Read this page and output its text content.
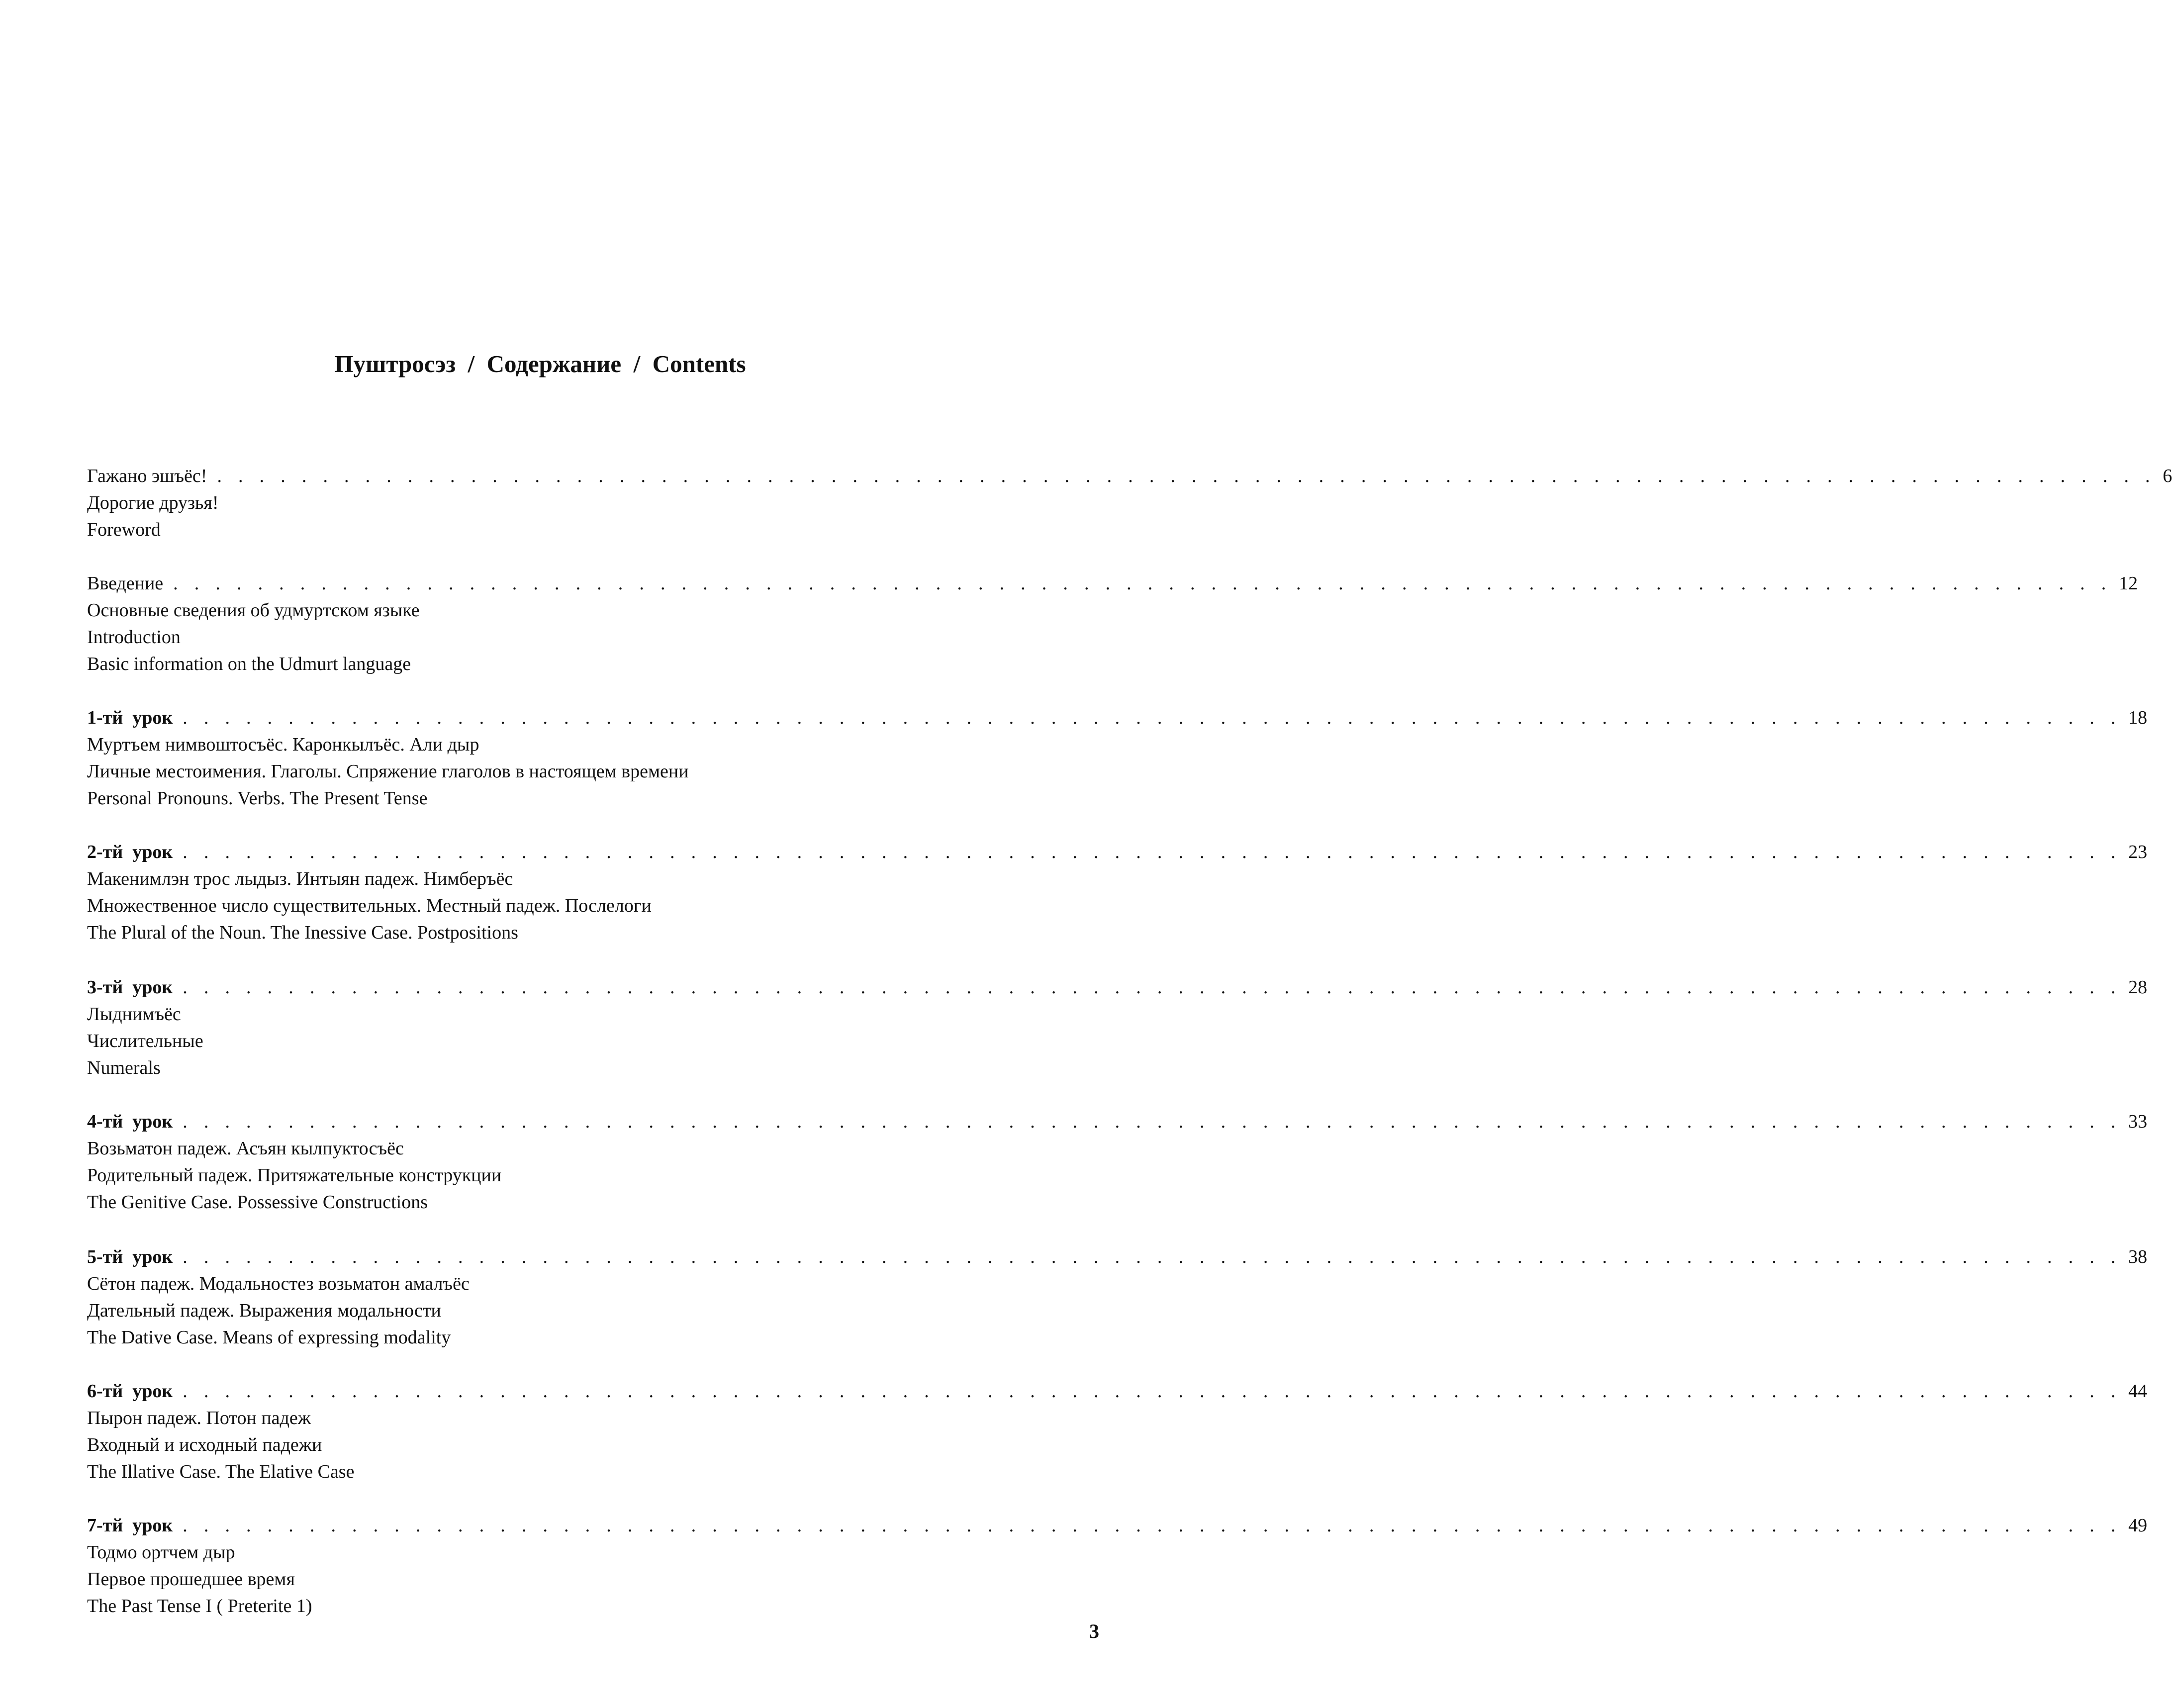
Пуштросэз  /  Содержание  /  Contents
Гажано эшъёс! . . . . . . . . . . . . . . . . . . . . . . . . . . . . . . . . . . . . . . . . . . . . . . . . . . . . . . . . . . . . . . . . . . . . . . . . . . . . . . . . . . . . . . . . . . . . 6
Дорогие друзья!
Foreword
Введение . . . . . . . . . . . . . . . . . . . . . . . . . . . . . . . . . . . . . . . . . . . . . . . . . . . . . . . . . . . . . . . . . . . . . . . . . . . . . . . . . . . . . . . . . . . . 12
Основные сведения об удмуртском языке
Introduction
Basic information on the Udmurt language
1-тй  урок . . . . . . . . . . . . . . . . . . . . . . . . . . . . . . . . . . . . . . . . . . . . . . . . . . . . . . . . . . . . . . . . . . . . . . . . . . . . . . . . . . . . . . . . . . . . 18
Муртъем нимвоштосъёс. Каронкылъёс. Али дыр
Личные местоимения. Глаголы. Спряжение глаголов в настоящем времени
Personal Pronouns. Verbs. The Present Tense
2-тй  урок . . . . . . . . . . . . . . . . . . . . . . . . . . . . . . . . . . . . . . . . . . . . . . . . . . . . . . . . . . . . . . . . . . . . . . . . . . . . . . . . . . . . . . . . . . . . 23
Макенимлэн трос лыдыз. Интыян падеж. Нимберъёс
Множественное число существительных. Местный падеж. Послелоги
The Plural of the Noun. The Inessive Case. Postpositions
3-тй  урок . . . . . . . . . . . . . . . . . . . . . . . . . . . . . . . . . . . . . . . . . . . . . . . . . . . . . . . . . . . . . . . . . . . . . . . . . . . . . . . . . . . . . . . . . . . . 28
Лыднимъёс
Числительные
Numerals
4-тй  урок . . . . . . . . . . . . . . . . . . . . . . . . . . . . . . . . . . . . . . . . . . . . . . . . . . . . . . . . . . . . . . . . . . . . . . . . . . . . . . . . . . . . . . . . . . . . 33
Возьматон падеж. Асъян кылпуктосъёс
Родительный падеж. Притяжательные конструкции
The Genitive Case. Possessive Constructions
5-тй  урок . . . . . . . . . . . . . . . . . . . . . . . . . . . . . . . . . . . . . . . . . . . . . . . . . . . . . . . . . . . . . . . . . . . . . . . . . . . . . . . . . . . . . . . . . . . . 38
Сётон падеж. Модальностез возьматон амалъёс
Дательный падеж. Выражения модальности
The Dative Case. Means of expressing modality
6-тй  урок . . . . . . . . . . . . . . . . . . . . . . . . . . . . . . . . . . . . . . . . . . . . . . . . . . . . . . . . . . . . . . . . . . . . . . . . . . . . . . . . . . . . . . . . . . . . 44
Пырон падеж. Потон падеж
Входный и исходный падежи
The Illative Case. The Elative Case
7-тй  урок . . . . . . . . . . . . . . . . . . . . . . . . . . . . . . . . . . . . . . . . . . . . . . . . . . . . . . . . . . . . . . . . . . . . . . . . . . . . . . . . . . . . . . . . . . . . 49
Тодмо ортчем дыр
Первое прошедшее время
The Past Tense I ( Preterite 1)
3
